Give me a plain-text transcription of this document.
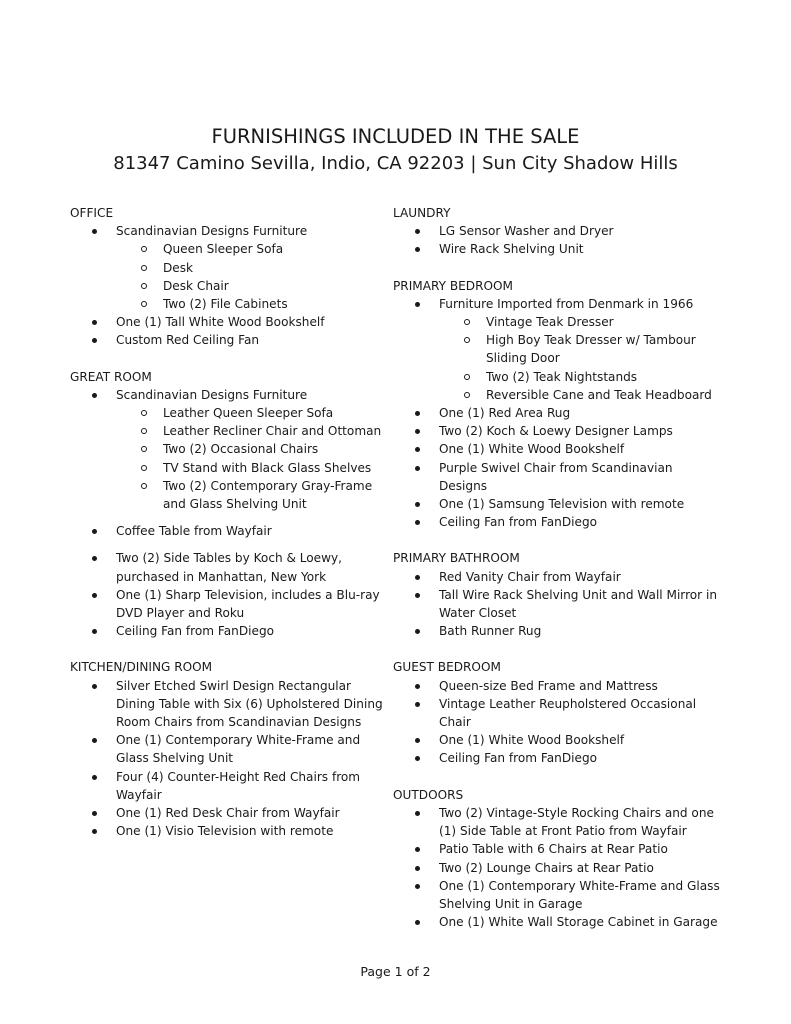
FURNISHINGS INCLUDED IN THE SALE
81347 Camino Sevilla, Indio, CA 92203 | Sun City Shadow Hills
OFFICE
Scandinavian Designs Furniture
Queen Sleeper Sofa
Desk
Desk Chair
Two (2) File Cabinets
One (1) Tall White Wood Bookshelf
Custom Red Ceiling Fan
GREAT ROOM
Scandinavian Designs Furniture
Leather Queen Sleeper Sofa
Leather Recliner Chair and Ottoman
Two (2) Occasional Chairs
TV Stand with Black Glass Shelves
Two (2) Contemporary Gray-Frame and Glass Shelving Unit
Coffee Table from Wayfair
Two (2) Side Tables by Koch & Loewy, purchased in Manhattan, New York
One (1) Sharp Television, includes a Blu-ray DVD Player and Roku
Ceiling Fan from FanDiego
KITCHEN/DINING ROOM
Silver Etched Swirl Design Rectangular Dining Table with Six (6) Upholstered Dining Room Chairs from Scandinavian Designs
One (1) Contemporary White-Frame and Glass Shelving Unit
Four (4) Counter-Height Red Chairs from Wayfair
One (1) Red Desk Chair from Wayfair
One (1) Visio Television with remote
LAUNDRY
LG Sensor Washer and Dryer
Wire Rack Shelving Unit
PRIMARY BEDROOM
Furniture Imported from Denmark in 1966
Vintage Teak Dresser
High Boy Teak Dresser w/ Tambour Sliding Door
Two (2) Teak Nightstands
Reversible Cane and Teak Headboard
One (1) Red Area Rug
Two (2) Koch & Loewy Designer Lamps
One (1) White Wood Bookshelf
Purple Swivel Chair from Scandinavian Designs
One (1) Samsung Television with remote
Ceiling Fan from FanDiego
PRIMARY BATHROOM
Red Vanity Chair from Wayfair
Tall Wire Rack Shelving Unit and Wall Mirror in Water Closet
Bath Runner Rug
GUEST BEDROOM
Queen-size Bed Frame and Mattress
Vintage Leather Reupholstered Occasional Chair
One (1) White Wood Bookshelf
Ceiling Fan from FanDiego
OUTDOORS
Two (2) Vintage-Style Rocking Chairs and one (1) Side Table at Front Patio from Wayfair
Patio Table with 6 Chairs at Rear Patio
Two (2) Lounge Chairs at Rear Patio
One (1) Contemporary White-Frame and Glass Shelving Unit in Garage
One (1) White Wall Storage Cabinet in Garage
Page 1 of 2
